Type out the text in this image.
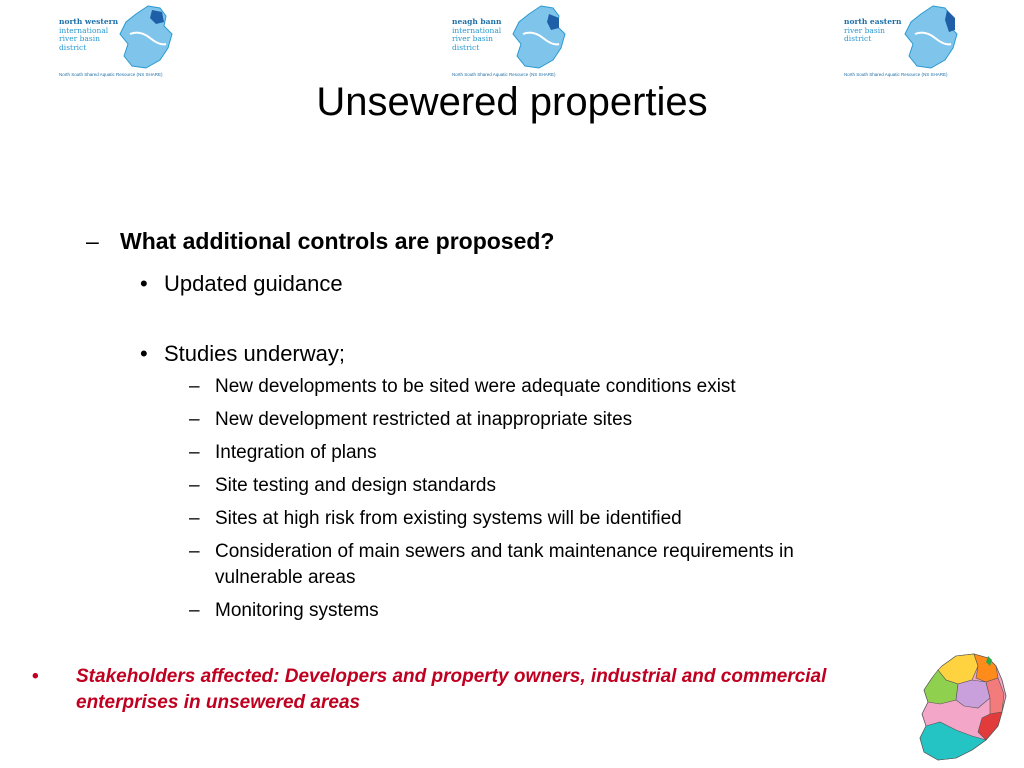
north western
international
river basin district
North South Shared Aquatic Resource (NS SHARE)
neagh bann
international
river basin district
North South Shared Aquatic Resource (NS SHARE)
north eastern
river basin district
North South Shared Aquatic Resource (NS SHARE)
Unsewered properties
– What additional controls are proposed?
• Updated guidance
• Studies underway;
– New developments to be sited were adequate conditions exist
– New development restricted at inappropriate sites
– Integration of plans
– Site testing and design standards
– Sites at high risk from existing systems will be identified
– Consideration of main sewers and tank maintenance requirements in
vulnerable areas
– Monitoring systems
• Stakeholders affected: Developers and property owners, industrial and commercial
enterprises in unsewered areas
